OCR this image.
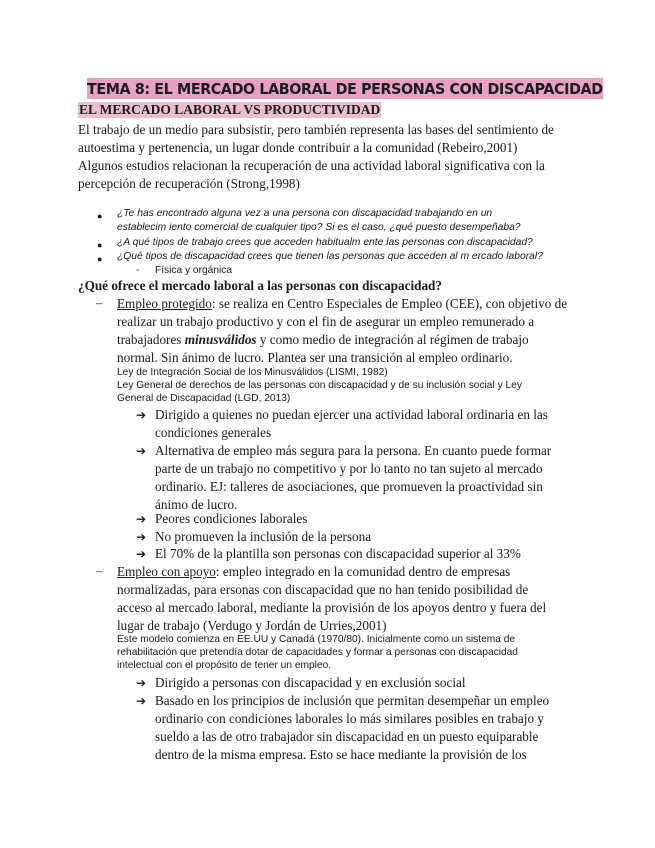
TEMA 8: EL MERCADO LABORAL DE PERSONAS CON DISCAPACIDAD
EL MERCADO LABORAL VS PRODUCTIVIDAD
El trabajo de un medio para subsistir, pero también representa las bases del sentimiento de
autoestima y pertenencia, un lugar donde contribuir a la comunidad (Rebeiro,2001)
Algunos estudios relacionan la recuperación de una actividad laboral significativa con la
percepción de recuperación (Strong,1998)
● ¿Te has encontrado alguna vez a una persona con discapacidad trabajando en un
establecim iento comercial de cualquier tipo? Si es el caso, ¿qué puesto desempeñaba?
● ¿A qué tipos de trabajo crees que acceden habitualm ente las personas con discapacidad?
● ¿Qué tipos de discapacidad crees que tienen las personas que acceden al m ercado laboral?
- Física y orgánica
¿Qué ofrece el mercado laboral a las personas con discapacidad?
– Empleo protegido: se realiza en Centro Especiales de Empleo (CEE), con objetivo de
realizar un trabajo productivo y con el fin de asegurar un empleo remunerado a
trabajadores minusválidos y como medio de integración al régimen de trabajo
normal. Sin ánimo de lucro. Plantea ser una transición al empleo ordinario.
Ley de Integración Social de los Minusválidos (LISMI, 1982)
Ley General de derechos de las personas con discapacidad y de su inclusión social y Ley
General de Discapacidad (LGD, 2013)
➔ Dirigido a quienes no puedan ejercer una actividad laboral ordinaria en las
condiciones generales
➔ Alternativa de empleo más segura para la persona. En cuanto puede formar
parte de un trabajo no competitivo y por lo tanto no tan sujeto al mercado
ordinario. EJ: talleres de asociaciones, que promueven la proactividad sin
ánimo de lucro.
➔ Peores condiciones laborales
➔ No promueven la inclusión de la persona
➔ El 70% de la plantilla son personas con discapacidad superior al 33%
– Empleo con apoyo: empleo integrado en la comunidad dentro de empresas
normalizadas, para ersonas con discapacidad que no han tenido posibilidad de
acceso al mercado laboral, mediante la provisión de los apoyos dentro y fuera del
lugar de trabajo (Verdugo y Jordán de Urries,2001)
Este modelo comienza en EE.UU y Canadá (1970/80). Inicialmente como un sistema de
rehabilitación que pretendía dotar de capacidades y formar a personas con discapacidad
intelectual con el propósito de tener un empleo.
➔ Dirigido a personas con discapacidad y en exclusión social
➔ Basado en los principios de inclusión que permitan desempeñar un empleo
ordinario con condiciones laborales lo más similares posibles en trabajo y
sueldo a las de otro trabajador sin discapacidad en un puesto equiparable
dentro de la misma empresa. Esto se hace mediante la provisión de los
